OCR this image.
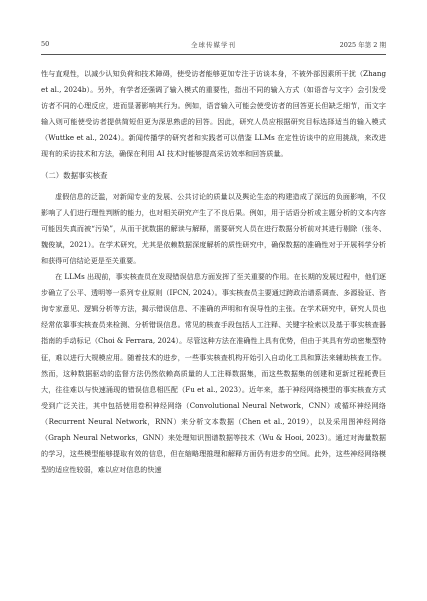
50	全球传媒学刊	2025 年第 2 期

性与直观性，以减少认知负荷和技术障碍，使受访者能够更加专注于访谈本身，不被外部因素所干扰（Zhang et al., 2024b）。另外，有学者还强调了输入模式的重要性，指出不同的输入方式（如语音与文字）会引发受访者不同的心理反应，进而显著影响其行为。例如，语音输入可能会使受访者的回答更长但缺乏细节，而文字输入则可能使受访者提供简短但更为深思熟虑的回答。因此，研究人员应根据研究目标选择适当的输入模式（Wuttke et al., 2024）。新闻传播学的研究者和实践者可以借鉴 LLMs 在定性访谈中的应用挑战，来改进现有的采访技术和方法，确保在利用 AI 技术时能够提高采访效率和回答质量。

（二）数据事实核查

虚假信息的泛滥，对新闻专业的发展、公共讨论的质量以及舆论生态的构建造成了深远的负面影响，不仅影响了人们进行理性判断的能力，也对相关研究产生了不良后果。例如，用于话语分析或主题分析的文本内容可能因失真而被“污染”，从而干扰数据的解读与解释，需要研究人员在进行数据分析前对其进行剔除（张冬、魏俊斌，2021）。在学术研究，尤其是依赖数据深度解析的质性研究中，确保数据的准确性对于开展科学分析和获得可信结论更是至关重要。

在 LLMs 出现前，事实核查员在发现错误信息方面发挥了至关重要的作用。在长期的发展过程中，他们逐步确立了公平、透明等一系列专业原则（IFCN, 2024）。事实核查员主要通过跨政治谱系调查、多源验证、咨询专家意见、逻辑分析等方法，揭示错误信息、不准确的声明和有误导性的主张。在学术研究中，研究人员也经常依靠事实核查员来检测、分析错误信息。常见的核查手段包括人工注释、关键字检索以及基于事实核查器指南的手动标记（Choi & Ferrara, 2024）。尽管这种方法在准确性上具有优势，但由于其具有劳动密集型特征，难以进行大规模应用。随着技术的进步，一些事实核查机构开始引入自动化工具和算法来辅助核查工作。然而，这种数据驱动的监督方法仍然依赖高质量的人工注释数据集，而这些数据集的创建和更新过程耗费巨大，往往难以与快速涌现的错误信息相匹配（Fu et al., 2023）。近年来，基于神经网络模型的事实核查方式受到广泛关注，其中包括使用卷积神经网络（Convolutional Neural Network，CNN）或循环神经网络（Recurrent Neural Network，RNN）来分析文本数据（Chen et al., 2019），以及采用图神经网络（Graph Neural Networks，GNN）来处理知识图谱数据等技术（Wu & Hooi, 2023）。通过对海量数据的学习，这些模型能够提取有效的信息，但在缩略理推理和解释方面仍有进步的空间。此外，这些神经网络模型的适应性较弱，难以应对信息的快速
